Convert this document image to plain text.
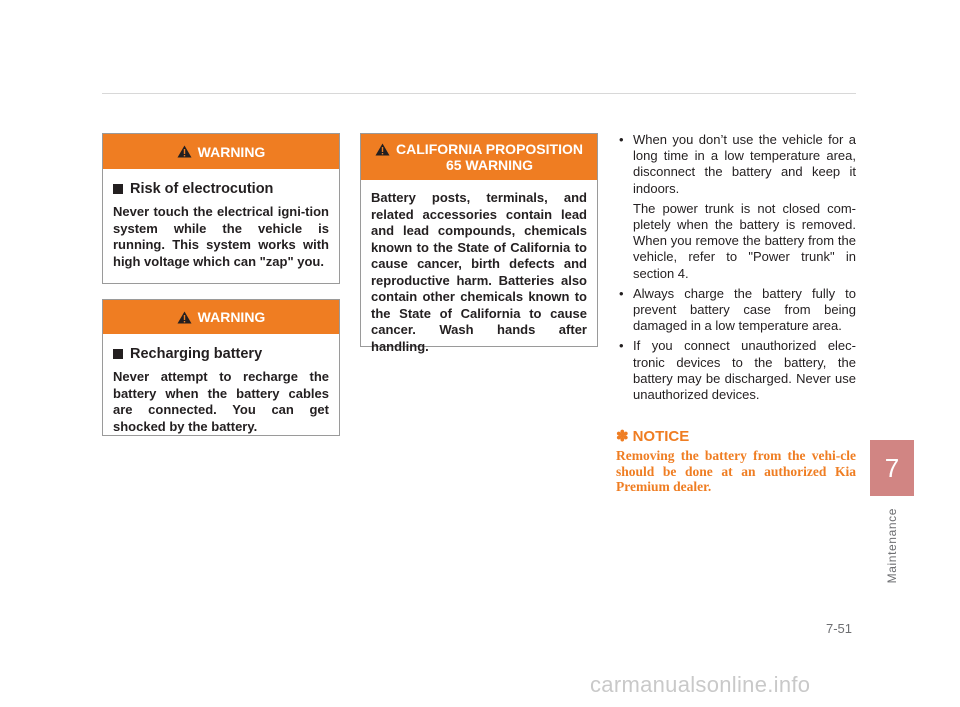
WARNING
Risk of electrocution
Never touch the electrical igni-tion system while the vehicle is running. This system works with high voltage which can "zap" you.
WARNING
Recharging battery
Never attempt to recharge the battery when the battery cables are connected. You can get shocked by the battery.
CALIFORNIA PROPOSITION
65 WARNING
Battery posts, terminals, and related accessories contain lead and lead compounds, chemicals known to the State of California to cause cancer, birth defects and reproductive harm. Batteries also contain other chemicals known to the State of California to cause cancer. Wash hands after handling.
• When you don’t use the vehicle for a long time in a low temperature area, disconnect the battery and keep it indoors.
The power trunk is not closed com-pletely when the battery is removed. When you remove the battery from the vehicle, refer to "Power trunk" in section 4.
• Always charge the battery fully to prevent battery case from being damaged in a low temperature area.
• If you connect unauthorized elec-tronic devices to the battery, the battery may be discharged. Never use unauthorized devices.
✽ NOTICE
Removing the battery from the vehi-cle should be done at an authorized Kia Premium dealer.
7
Maintenance
7-51
carmanualsonline.info
